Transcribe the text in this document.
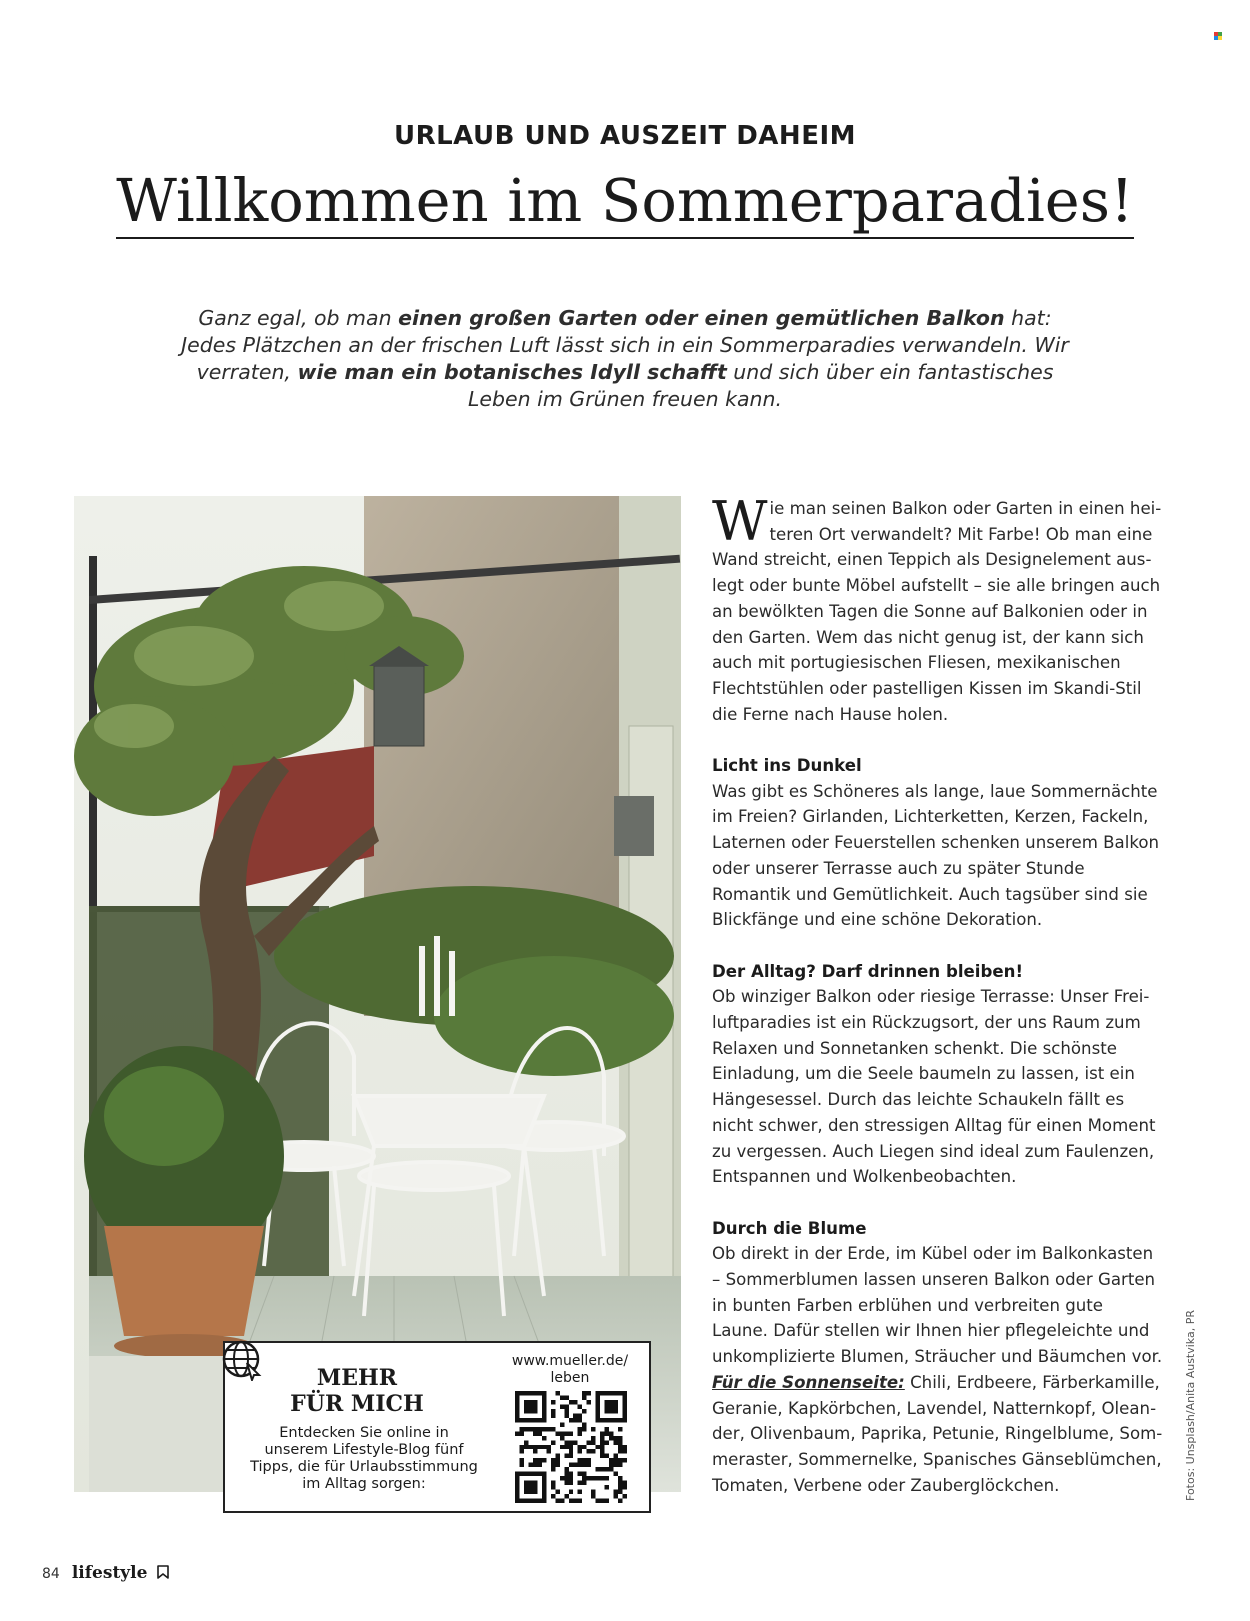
URLAUB UND AUSZEIT DAHEIM
Willkommen im Sommerparadies!
Ganz egal, ob man einen großen Garten oder einen gemütlichen Balkon hat: Jedes Plätzchen an der frischen Luft lässt sich in ein Sommerparadies verwandeln. Wir verraten, wie man ein botanisches Idyll schafft und sich über ein fantastisches Leben im Grünen freuen kann.
MEHR
FÜR MICH
Entdecken Sie online in unserem Lifestyle-Blog fünf Tipps, die für Urlaubsstimmung im Alltag sorgen:
www.mueller.de/
leben

Wie man seinen Balkon oder Garten in einen heiteren Ort verwandelt? Mit Farbe! Ob man eine Wand streicht, einen Teppich als Designelement auslegt oder bunte Möbel aufstellt – sie alle bringen auch an bewölkten Tagen die Sonne auf Balkonien oder in den Garten. Wem das nicht genug ist, der kann sich auch mit portugiesischen Fliesen, mexikanischen Flechtstühlen oder pastelligen Kissen im Skandi-Stil die Ferne nach Hause holen.

Licht ins Dunkel

Was gibt es Schöneres als lange, laue Sommernächte im Freien? Girlanden, Lichterketten, Kerzen, Fackeln, Laternen oder Feuerstellen schenken unserem Balkon oder unserer Terrasse auch zu später Stunde Romantik und Gemütlichkeit. Auch tagsüber sind sie Blickfänge und eine schöne Dekoration.

Der Alltag? Darf drinnen bleiben!

Ob winziger Balkon oder riesige Terrasse: Unser Freiluftparadies ist ein Rückzugsort, der uns Raum zum Relaxen und Sonnetanken schenkt. Die schönste Einladung, um die Seele baumeln zu lassen, ist ein Hängesessel. Durch das leichte Schaukeln fällt es nicht schwer, den stressigen Alltag für einen Moment zu vergessen. Auch Liegen sind ideal zum Faulenzen, Entspannen und Wolkenbeobachten.

Durch die Blume

Ob direkt in der Erde, im Kübel oder im Balkonkasten – Sommerblumen lassen unseren Balkon oder Garten in bunten Farben erblühen und verbreiten gute Laune. Dafür stellen wir Ihnen hier pflegeleichte und unkomplizierte Blumen, Sträucher und Bäumchen vor.

Für die Sonnenseite: Chili, Erdbeere, Färberkamille, Geranie, Kapkörbchen, Lavendel, Natternkopf, Oleander, Olivenbaum, Paprika, Petunie, Ringelblume, Sommeraster, Sommernelke, Spanisches Gänseblümchen, Tomaten, Verbene oder Zauberglöckchen.	Fotos: Unsplash/Anita Austvika, PR
84 lifestyle
